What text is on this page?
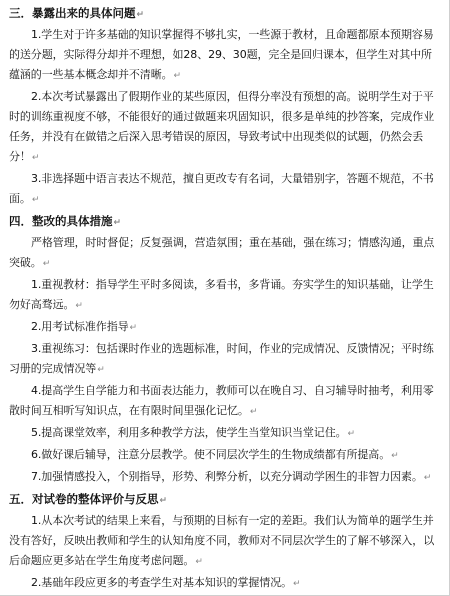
三．暴露出来的具体问题↵

1.学生对于许多基础的知识掌握得不够扎实，一些源于教材，且命题都原本预期容易的送分题，实际得分却并不理想，如28、29、30题，完全是回归课本，但学生对其中所蕴涵的一些基本概念却并不清晰。↵

2.本次考试暴露出了假期作业的某些原因，但得分率没有预想的高。说明学生对于平时的训练重视度不够，不能很好的通过做题来巩固知识，很多是单纯的抄答案，完成作业任务，并没有在做错之后深入思考错误的原因，导致考试中出现类似的试题，仍然会丢分！↵

3.非选择题中语言表达不规范，擅自更改专有名词，大量错别字，答题不规范，不书面。↵

四．整改的具体措施↵

严格管理，时时督促；反复强调，营造氛围；重在基础，强在练习；情感沟通，重点突破。↵

1.重视教材：指导学生平时多阅读，多看书，多背诵。夯实学生的知识基础，让学生勿好高骛远。↵

2.用考试标准作指导↵

3.重视练习：包括课时作业的选题标准，时间，作业的完成情况、反馈情况；平时练习册的完成情况等↵

4.提高学生自学能力和书面表达能力，教师可以在晚自习、自习辅导时抽考，利用零散时间互相听写知识点，在有限时间里强化记忆。↵

5.提高课堂效率，利用多种教学方法，使学生当堂知识当堂记住。↵

6.做好课后辅导，注意分层教学。使不同层次学生的生物成绩都有所提高。↵

7.加强情感投入，个别指导，形势、利弊分析，以充分调动学困生的非智力因素。↵

五．对试卷的整体评价与反思↵

1.从本次考试的结果上来看，与预期的目标有一定的差距。我们认为简单的题学生并没有答好，反映出教师和学生的认知角度不同，教师对不同层次学生的了解不够深入，以后命题应更多站在学生角度考虑问题。↵

2.基础年段应更多的考查学生对基本知识的掌握情况。↵
